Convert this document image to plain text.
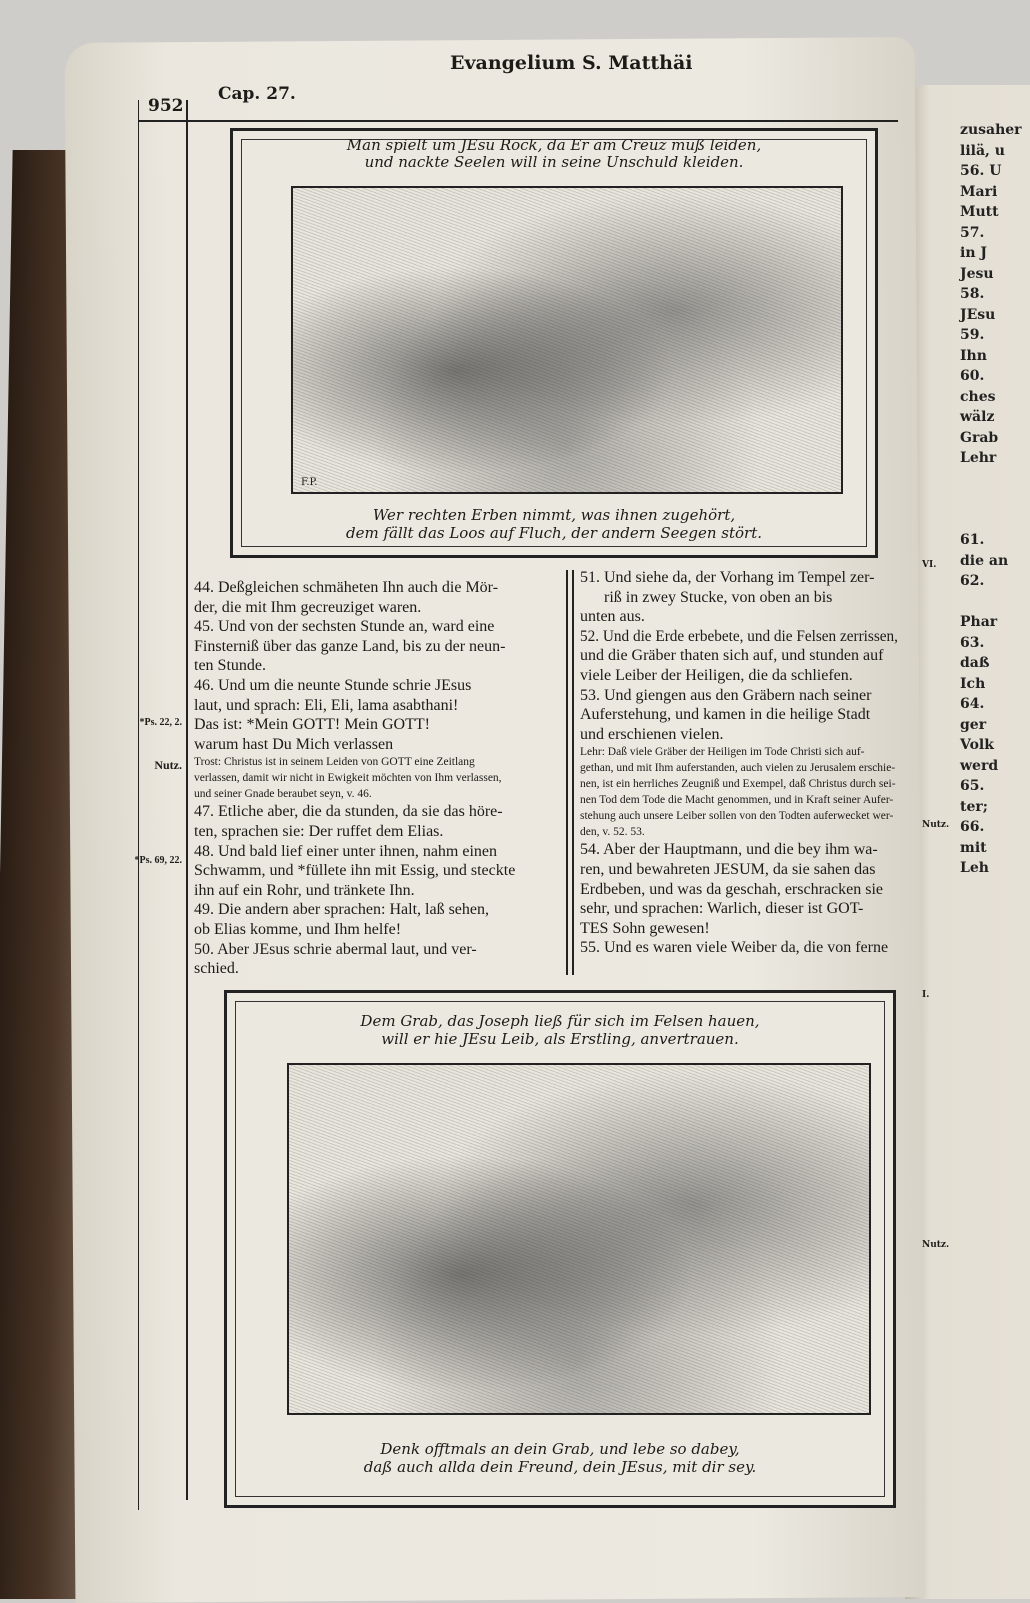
Evangelium S. Matthäi
952
Cap. 27.
Man spielt um JEsu Rock, da Er am Creuz muß leiden,
und nackte Seelen will in seine Unschuld kleiden.
F.P.
Wer rechten Erben nimmt, was ihnen zugehört,
dem fällt das Loos auf Fluch, der andern Seegen stört.
*Ps. 22, 2.
Nutz.
*Ps. 69, 22.
44. Deßgleichen schmäheten Ihn auch die Mör-
der, die mit Ihm gecreuziget waren.
45. Und von der sechsten Stunde an, ward eine
Finsterniß über das ganze Land, bis zu der neun-
ten Stunde.
46. Und um die neunte Stunde schrie JEsus
laut, und sprach: Eli, Eli, lama asabthani!
Das ist: *Mein GOTT! Mein GOTT!
warum hast Du Mich verlassen
Trost: Christus ist in seinem Leiden von GOTT eine Zeitlang
verlassen, damit wir nicht in Ewigkeit möchten von Ihm verlassen,
und seiner Gnade beraubet seyn, v. 46.
47. Etliche aber, die da stunden, da sie das höre-
ten, sprachen sie: Der ruffet dem Elias.
48. Und bald lief einer unter ihnen, nahm einen
Schwamm, und *füllete ihn mit Essig, und steckte
ihn auf ein Rohr, und tränkete Ihn.
49. Die andern aber sprachen: Halt, laß sehen,
ob Elias komme, und Ihm helfe!
50. Aber JEsus schrie abermal laut, und ver-
schied.
51. Und siehe da, der Vorhang im Tempel zer-
riß in zwey Stucke, von oben an bis
unten aus.
52. Und die Erde erbebete, und die Felsen zerrissen,
und die Gräber thaten sich auf, und stunden auf
viele Leiber der Heiligen, die da schliefen.
53. Und giengen aus den Gräbern nach seiner
Auferstehung, und kamen in die heilige Stadt
und erschienen vielen.
Lehr: Daß viele Gräber der Heiligen im Tode Christi sich auf-
gethan, und mit Ihm auferstanden, auch vielen zu Jerusalem erschie-
nen, ist ein herrliches Zeugniß und Exempel, daß Christus durch sei-
nen Tod dem Tode die Macht genommen, und in Kraft seiner Aufer-
stehung auch unsere Leiber sollen von den Todten auferwecket wer-
den, v. 52. 53.
54. Aber der Hauptmann, und die bey ihm wa-
ren, und bewahreten JESUM, da sie sahen das
Erdbeben, und was da geschah, erschracken sie
sehr, und sprachen: Warlich, dieser ist GOT-
TES Sohn gewesen!
55. Und es waren viele Weiber da, die von ferne
Dem Grab, das Joseph ließ für sich im Felsen hauen,
will er hie JEsu Leib, als Erstling, anvertrauen.
Denk offtmals an dein Grab, und lebe so dabey,
daß auch allda dein Freund, dein JEsus, mit dir sey.
zusaher
lilä, u
56. U
Mari
Mutt
57.
in J
Jesu
58.
JEsu
59.
Ihn
60.
ches
wälz
Grab
Lehr
61.
die an
62.
Phar
63.
daß
Ich
64.
ger
Volk
werd
65.
ter;
66.
mit
Leh
VI.
Nutz.
I.
Nutz.
